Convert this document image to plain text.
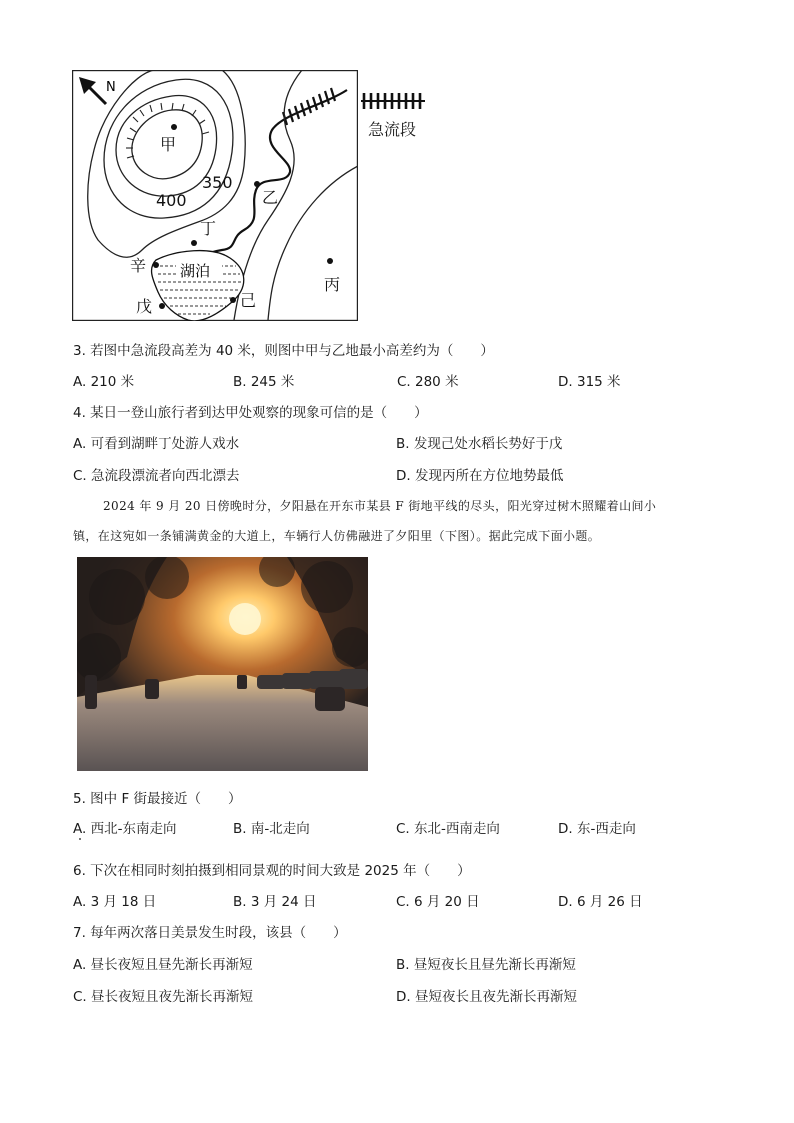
N
湖泊
甲
乙
丙
丁
己
辛
戊
350
400
急流段
3. 若图中急流段高差为 40 米，则图中甲与乙地最小高差约为（　　）
A. 210 米	B. 245 米	C. 280 米	D. 315 米
4. 某日一登山旅行者到达甲处观察的现象可信的是（　　）
A. 可看到湖畔丁处游人戏水	B. 发现己处水稻长势好于戊
C. 急流段漂流者向西北漂去	D. 发现丙所在方位地势最低
2024 年 9 月 20 日傍晚时分，夕阳悬在开东市某县 F 街地平线的尽头，阳光穿过树木照耀着山间小
镇，在这宛如一条铺满黄金的大道上，车辆行人仿佛融进了夕阳里（下图）。据此完成下面小题。
5. 图中 F 街最接近（　　）
A. 西北-东南走向	B. 南-北走向	C. 东北-西南走向	D. 东-西走向
6. 下次在相同时刻拍摄到相同景观的时间大致是 2025 年（　　）
A. 3 月 18 日	B. 3 月 24 日	C. 6 月 20 日	D. 6 月 26 日
7. 每年两次落日美景发生时段，该县（　　）
A. 昼长夜短且昼先渐长再渐短	B. 昼短夜长且昼先渐长再渐短
C. 昼长夜短且夜先渐长再渐短	D. 昼短夜长且夜先渐长再渐短
